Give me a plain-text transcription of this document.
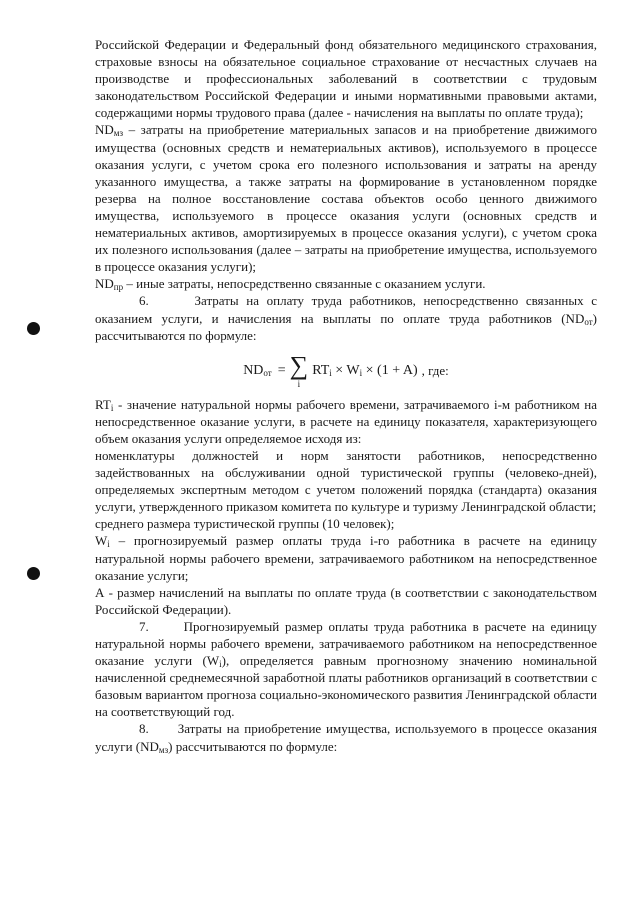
Российской Федерации и Федеральный фонд обязательного медицинского страхования, страховые взносы на обязательное социальное страхование от несчастных случаев на производстве и профессиональных заболеваний в соответствии с трудовым законодательством Российской Федерации и иными нормативными правовыми актами, содержащими нормы трудового права (далее - начисления на выплаты по оплате труда);

$ND_{мз}$ – затраты на приобретение материальных запасов и на приобретение движимого имущества (основных средств и нематериальных активов), используемого в процессе оказания услуги, с учетом срока его полезного использования и затраты на аренду указанного имущества, а также затраты на формирование в установленном порядке резерва на полное восстановление состава объектов особо ценного движимого имущества, используемого в процессе оказания услуги (основных средств и нематериальных активов, амортизируемых в процессе оказания услуги), с учетом срока их полезного использования (далее – затраты на приобретение имущества, используемого в процессе оказания услуги);

$ND_{пр}$ – иные затраты, непосредственно связанные с оказанием услуги.

6.      Затраты на оплату труда работников, непосредственно связанных с оказанием услуги, и начисления на выплаты по оплате труда работников $(ND_{от})$ рассчитываются по формуле:

$ND_{от}$ = ∑
i
$RT_i \times W_i \times (1 + A)$ , где:

$RT_i$ - значение натуральной нормы рабочего времени, затрачиваемого i-м работником на непосредственное оказание услуги, в расчете на единицу показателя, характеризующего объем оказания услуги определяемое исходя из:

номенклатуры должностей и норм занятости работников, непосредственно задействованных на обслуживании одной туристической группы (человеко-дней), определяемых экспертным методом с учетом положений порядка (стандарта) оказания услуги, утвержденного приказом комитета по культуре и туризму Ленинградской области;

среднего размера туристической группы (10 человек);

$W_i$ – прогнозируемый размер оплаты труда i-го работника в расчете на единицу натуральной нормы рабочего времени, затрачиваемого работником на непосредственное оказание услуги;

А - размер начислений на выплаты по оплате труда (в соответствии с законодательством Российской Федерации).

7.      Прогнозируемый размер оплаты труда работника в расчете на единицу натуральной нормы рабочего времени, затрачиваемого работником на непосредственное оказание услуги $(W_i)$, определяется равным прогнозному значению номинальной начисленной среднемесячной заработной платы работников организаций в соответствии с базовым вариантом прогноза социально-экономического развития Ленинградской области на соответствующий год.

8.      Затраты на приобретение имущества, используемого в процессе оказания услуги $(ND_{мз})$ рассчитываются по формуле:
